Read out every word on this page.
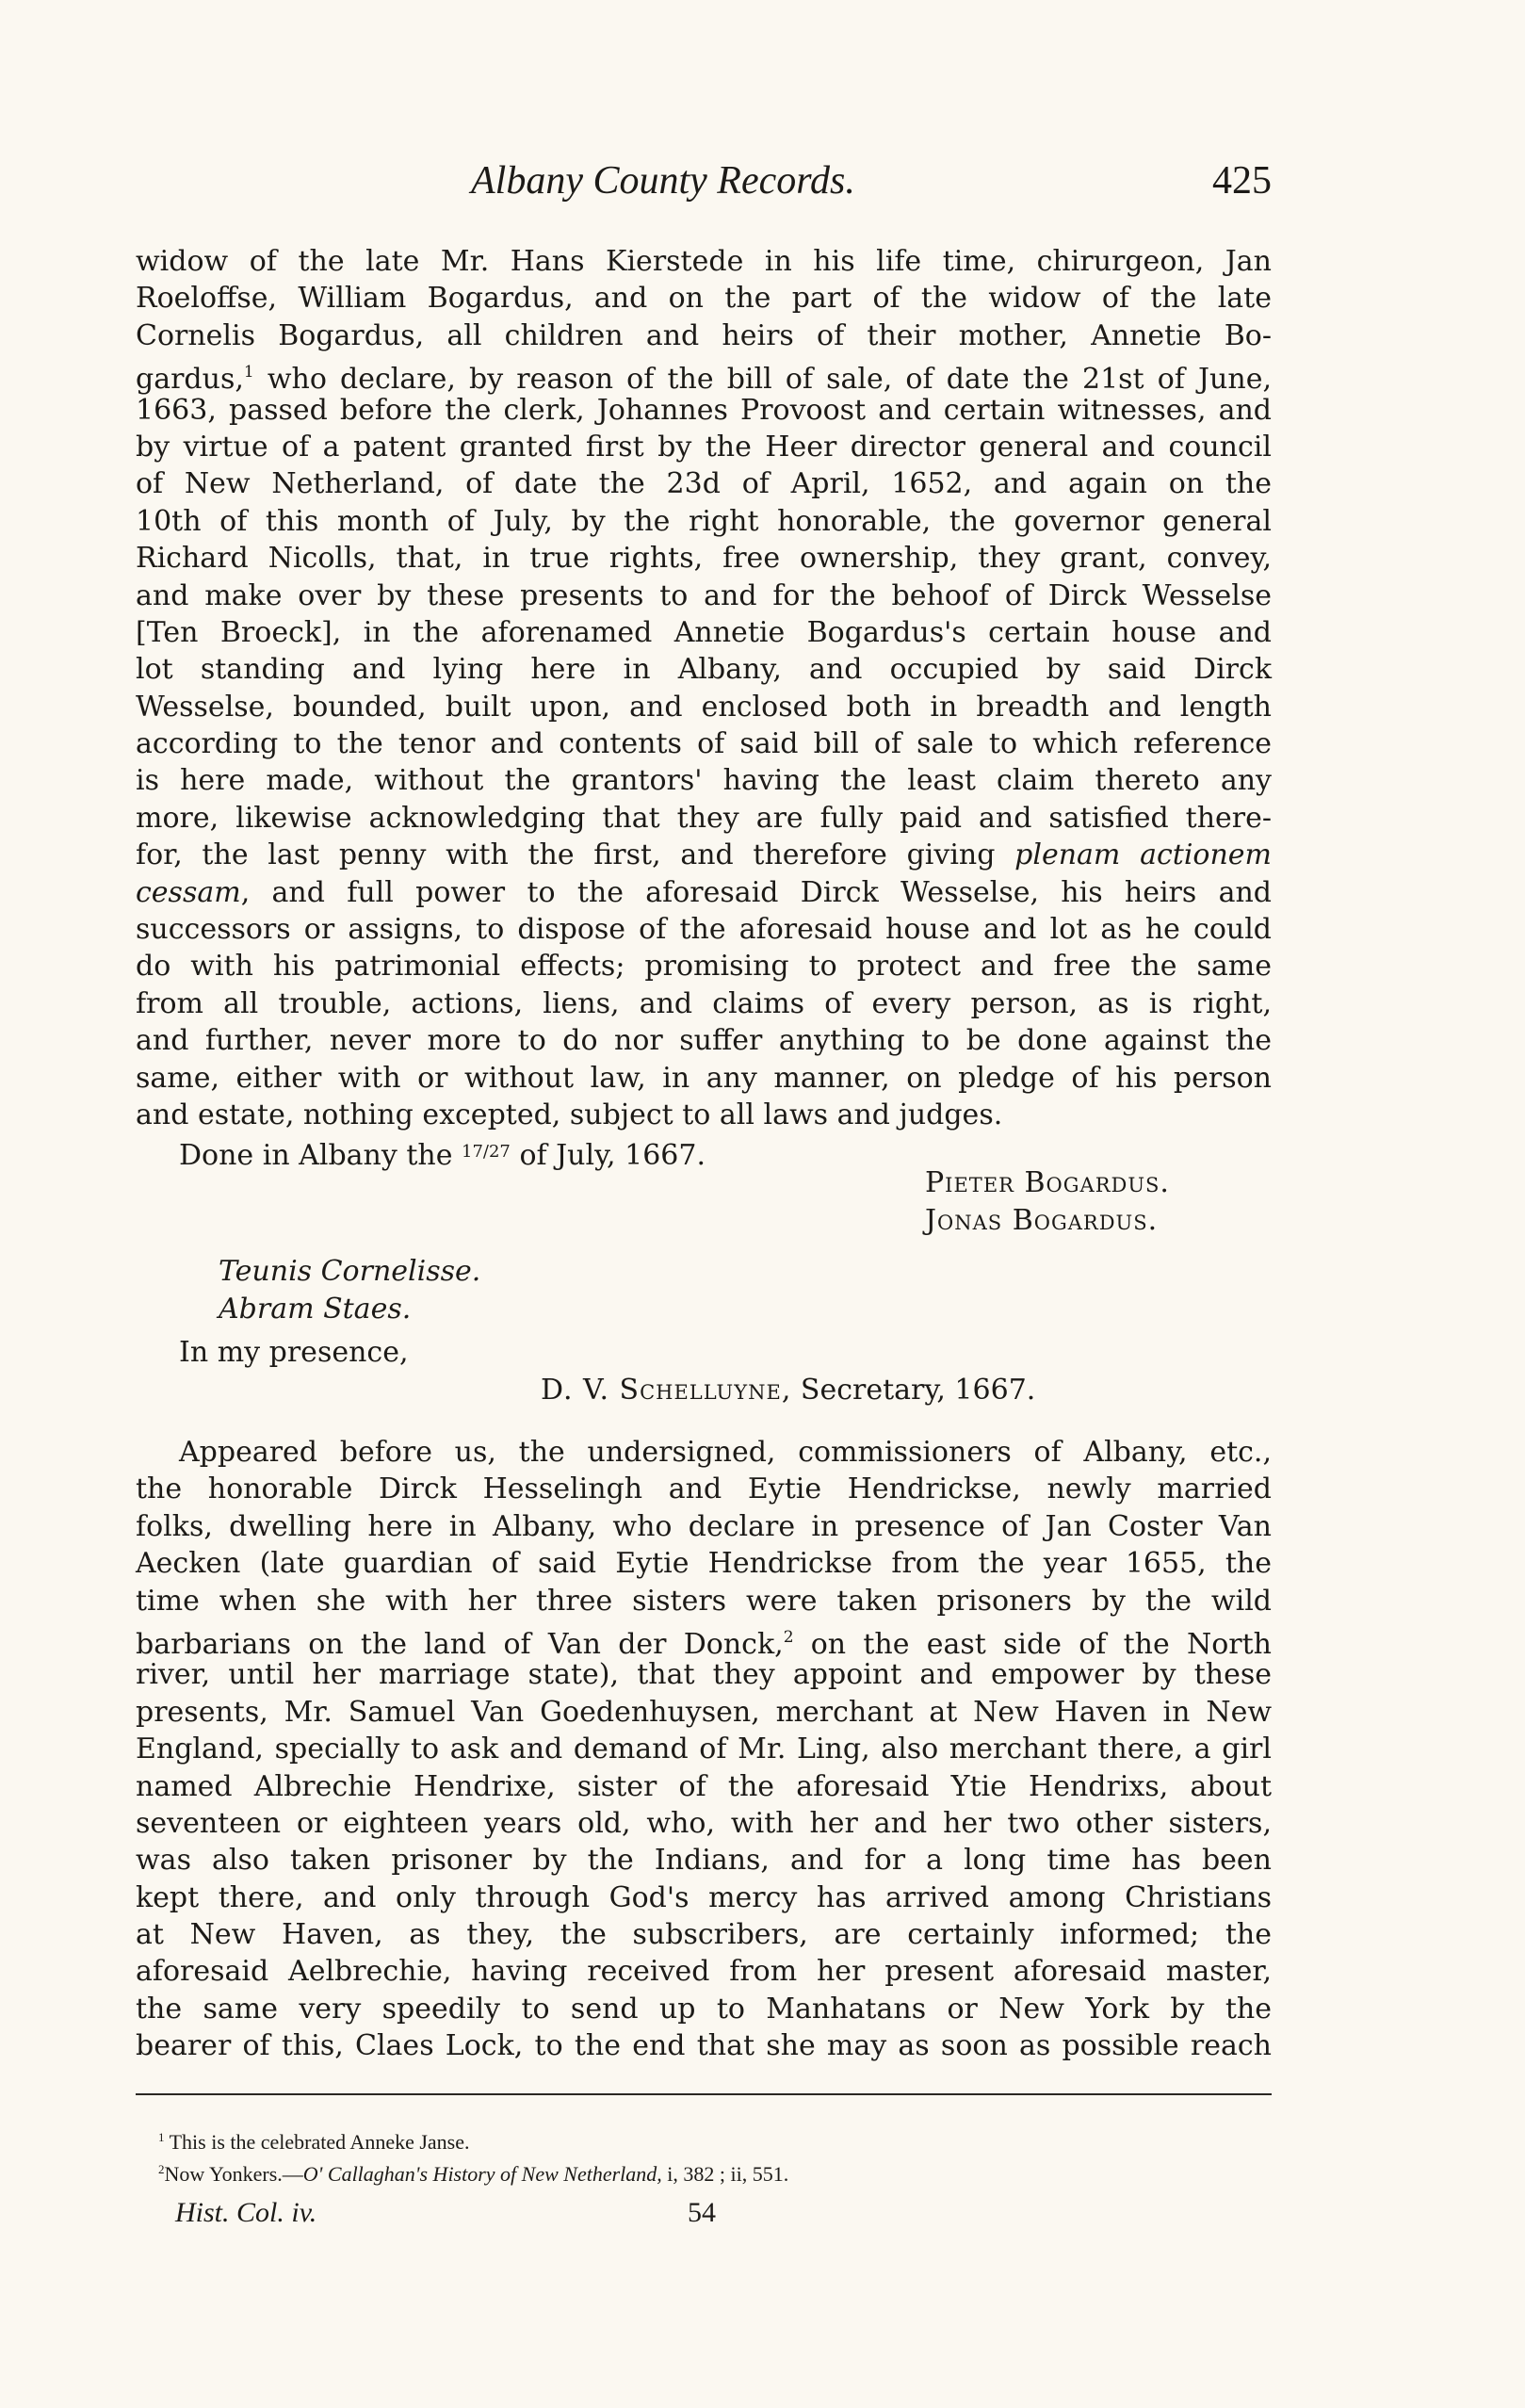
Albany County Records.	425
widow of the late Mr. Hans Kierstede in his life time, chirurgeon, Jan
Roeloffse, William Bogardus, and on the part of the widow of the late
Cornelis Bogardus, all children and heirs of their mother, Annetie Bo-
gardus,$^1$ who declare, by reason of the bill of sale, of date the 21st of June,
1663, passed before the clerk, Johannes Provoost and certain witnesses, and
by virtue of a patent granted first by the Heer director general and council
of New Netherland, of date the 23d of April, 1652, and again on the
10th of this month of July, by the right honorable, the governor general
Richard Nicolls, that, in true rights, free ownership, they grant, convey,
and make over by these presents to and for the behoof of Dirck Wesselse
[Ten Broeck], in the aforenamed Annetie Bogardus's certain house and
lot standing and lying here in Albany, and occupied by said Dirck
Wesselse, bounded, built upon, and enclosed both in breadth and length
according to the tenor and contents of said bill of sale to which reference
is here made, without the grantors' having the least claim thereto any
more, likewise acknowledging that they are fully paid and satisfied there-
for, the last penny with the first, and therefore giving plenam actionem
cessam, and full power to the aforesaid Dirck Wesselse, his heirs and
successors or assigns, to dispose of the aforesaid house and lot as he could
do with his patrimonial effects; promising to protect and free the same
from all trouble, actions, liens, and claims of every person, as is right,
and further, never more to do nor suffer anything to be done against the
same, either with or without law, in any manner, on pledge of his person
and estate, nothing excepted, subject to all laws and judges.
Done in Albany the $^{17/27}$ of July, 1667.
Pieter Bogardus.
Jonas Bogardus.
Teunis Cornelisse.
Abram Staes.
In my presence,
D. V. Schelluyne, Secretary, 1667.
Appeared before us, the undersigned, commissioners of Albany, etc.,
the honorable Dirck Hesselingh and Eytie Hendrickse, newly married
folks, dwelling here in Albany, who declare in presence of Jan Coster Van
Aecken (late guardian of said Eytie Hendrickse from the year 1655, the
time when she with her three sisters were taken prisoners by the wild
barbarians on the land of Van der Donck,$^2$ on the east side of the North
river, until her marriage state), that they appoint and empower by these
presents, Mr. Samuel Van Goedenhuysen, merchant at New Haven in New
England, specially to ask and demand of Mr. Ling, also merchant there, a girl
named Albrechie Hendrixe, sister of the aforesaid Ytie Hendrixs, about
seventeen or eighteen years old, who, with her and her two other sisters,
was also taken prisoner by the Indians, and for a long time has been
kept there, and only through God's mercy has arrived among Christians
at New Haven, as they, the subscribers, are certainly informed; the
aforesaid Aelbrechie, having received from her present aforesaid master,
the same very speedily to send up to Manhatans or New York by the
bearer of this, Claes Lock, to the end that she may as soon as possible reach
$^1$ This is the celebrated Anneke Janse.
$^2$Now Yonkers.—O' Callaghan's History of New Netherland, i, 382 ; ii, 551.
Hist. Col. iv.	54
